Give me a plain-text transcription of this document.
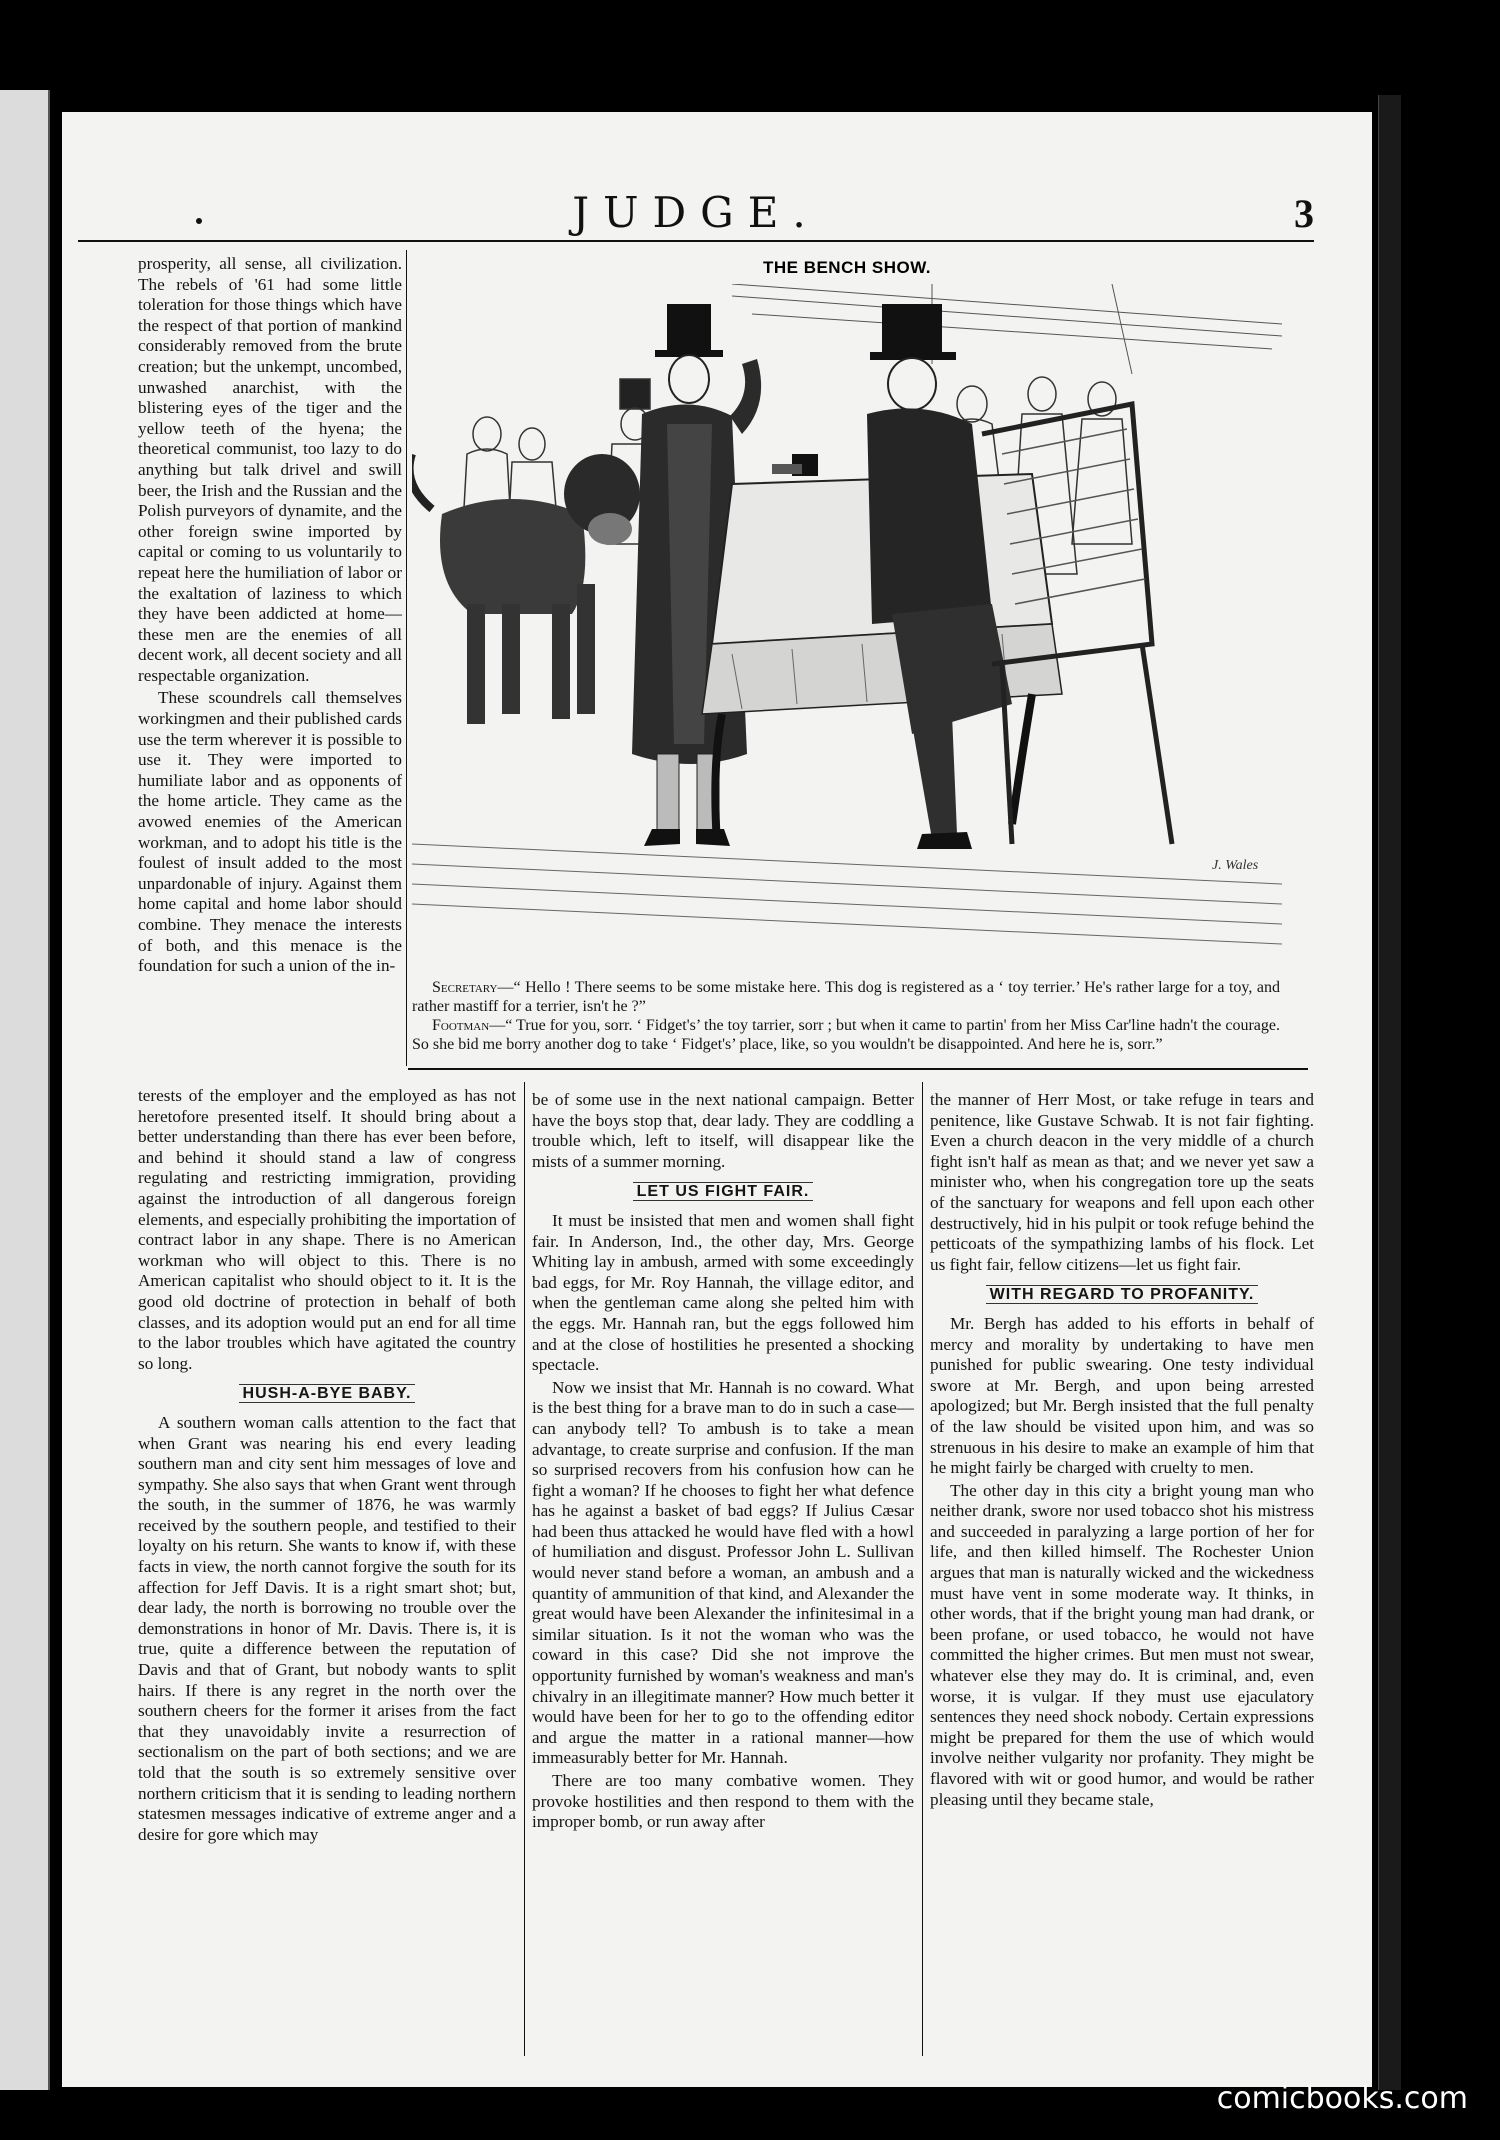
JUDGE.	3

prosperity, all sense, all civilization. The rebels of '61 had some little toleration for those things which have the respect of that portion of mankind considerably removed from the brute creation; but the unkempt, uncombed, unwashed anarchist, with the blistering eyes of the tiger and the yellow teeth of the hyena; the theoretical communist, too lazy to do anything but talk drivel and swill beer, the Irish and the Russian and the Polish purveyors of dynamite, and the other foreign swine imported by capital or coming to us voluntarily to repeat here the humiliation of labor or the exaltation of laziness to which they have been addicted at home—these men are the enemies of all decent work, all decent society and all respectable organization.

These scoundrels call themselves workingmen and their published cards use the term wherever it is possible to use it. They were imported to humiliate labor and as opponents of the home article. They came as the avowed enemies of the American workman, and to adopt his title is the foulest of insult added to the most unpardonable of injury. Against them home capital and home labor should combine. They menace the interests of both, and this menace is the foundation for such a union of the in-

THE BENCH SHOW.
J. Wales

Secretary—“ Hello ! There seems to be some mistake here. This dog is registered as a ‘ toy terrier.’ He's rather large for a toy, and rather mastiff for a terrier, isn't he ?”

Footman—“ True for you, sorr. ‘ Fidget's’ the toy tarrier, sorr ; but when it came to partin' from her Miss Car'line hadn't the courage. So she bid me borry another dog to take ‘ Fidget's’ place, like, so you wouldn't be disappointed. And here he is, sorr.”

terests of the employer and the employed as has not heretofore presented itself. It should bring about a better understanding than there has ever been before, and behind it should stand a law of congress regulating and restricting immigration, providing against the introduction of all dangerous foreign elements, and especially prohibiting the importation of contract labor in any shape. There is no American workman who will object to this. There is no American capitalist who should object to it. It is the good old doctrine of protection in behalf of both classes, and its adoption would put an end for all time to the labor troubles which have agitated the country so long.

HUSH-A-BYE BABY.

A southern woman calls attention to the fact that when Grant was nearing his end every leading southern man and city sent him messages of love and sympathy. She also says that when Grant went through the south, in the summer of 1876, he was warmly received by the southern people, and testified to their loyalty on his return. She wants to know if, with these facts in view, the north cannot forgive the south for its affection for Jeff Davis. It is a right smart shot; but, dear lady, the north is borrowing no trouble over the demonstrations in honor of Mr. Davis. There is, it is true, quite a difference between the reputation of Davis and that of Grant, but nobody wants to split hairs. If there is any regret in the north over the southern cheers for the former it arises from the fact that they unavoidably invite a resurrection of sectionalism on the part of both sections; and we are told that the south is so extremely sensitive over northern criticism that it is sending to leading northern statesmen messages indicative of extreme anger and a desire for gore which may

be of some use in the next national campaign. Better have the boys stop that, dear lady. They are coddling a trouble which, left to itself, will disappear like the mists of a summer morning.

LET US FIGHT FAIR.

It must be insisted that men and women shall fight fair. In Anderson, Ind., the other day, Mrs. George Whiting lay in ambush, armed with some exceedingly bad eggs, for Mr. Roy Hannah, the village editor, and when the gentleman came along she pelted him with the eggs. Mr. Hannah ran, but the eggs followed him and at the close of hostilities he presented a shocking spectacle.

Now we insist that Mr. Hannah is no coward. What is the best thing for a brave man to do in such a case—can anybody tell? To ambush is to take a mean advantage, to create surprise and confusion. If the man so surprised recovers from his confusion how can he fight a woman? If he chooses to fight her what defence has he against a basket of bad eggs? If Julius Cæsar had been thus attacked he would have fled with a howl of humiliation and disgust. Professor John L. Sullivan would never stand before a woman, an ambush and a quantity of ammunition of that kind, and Alexander the great would have been Alexander the infinitesimal in a similar situation. Is it not the woman who was the coward in this case? Did she not improve the opportunity furnished by woman's weakness and man's chivalry in an illegitimate manner? How much better it would have been for her to go to the offending editor and argue the matter in a rational manner—how immeasurably better for Mr. Hannah.

There are too many combative women. They provoke hostilities and then respond to them with the improper bomb, or run away after

the manner of Herr Most, or take refuge in tears and penitence, like Gustave Schwab. It is not fair fighting. Even a church deacon in the very middle of a church fight isn't half as mean as that; and we never yet saw a minister who, when his congregation tore up the seats of the sanctuary for weapons and fell upon each other destructively, hid in his pulpit or took refuge behind the petticoats of the sympathizing lambs of his flock. Let us fight fair, fellow citizens—let us fight fair.

WITH REGARD TO PROFANITY.

Mr. Bergh has added to his efforts in behalf of mercy and morality by undertaking to have men punished for public swearing. One testy individual swore at Mr. Bergh, and upon being arrested apologized; but Mr. Bergh insisted that the full penalty of the law should be visited upon him, and was so strenuous in his desire to make an example of him that he might fairly be charged with cruelty to men.

The other day in this city a bright young man who neither drank, swore nor used tobacco shot his mistress and succeeded in paralyzing a large portion of her for life, and then killed himself. The Rochester Union argues that man is naturally wicked and the wickedness must have vent in some moderate way. It thinks, in other words, that if the bright young man had drank, or been profane, or used tobacco, he would not have committed the higher crimes. But men must not swear, whatever else they may do. It is criminal, and, even worse, it is vulgar. If they must use ejaculatory sentences they need shock nobody. Certain expressions might be prepared for them the use of which would involve neither vulgarity nor profanity. They might be flavored with wit or good humor, and would be rather pleasing until they became stale,

comicbooks.com
